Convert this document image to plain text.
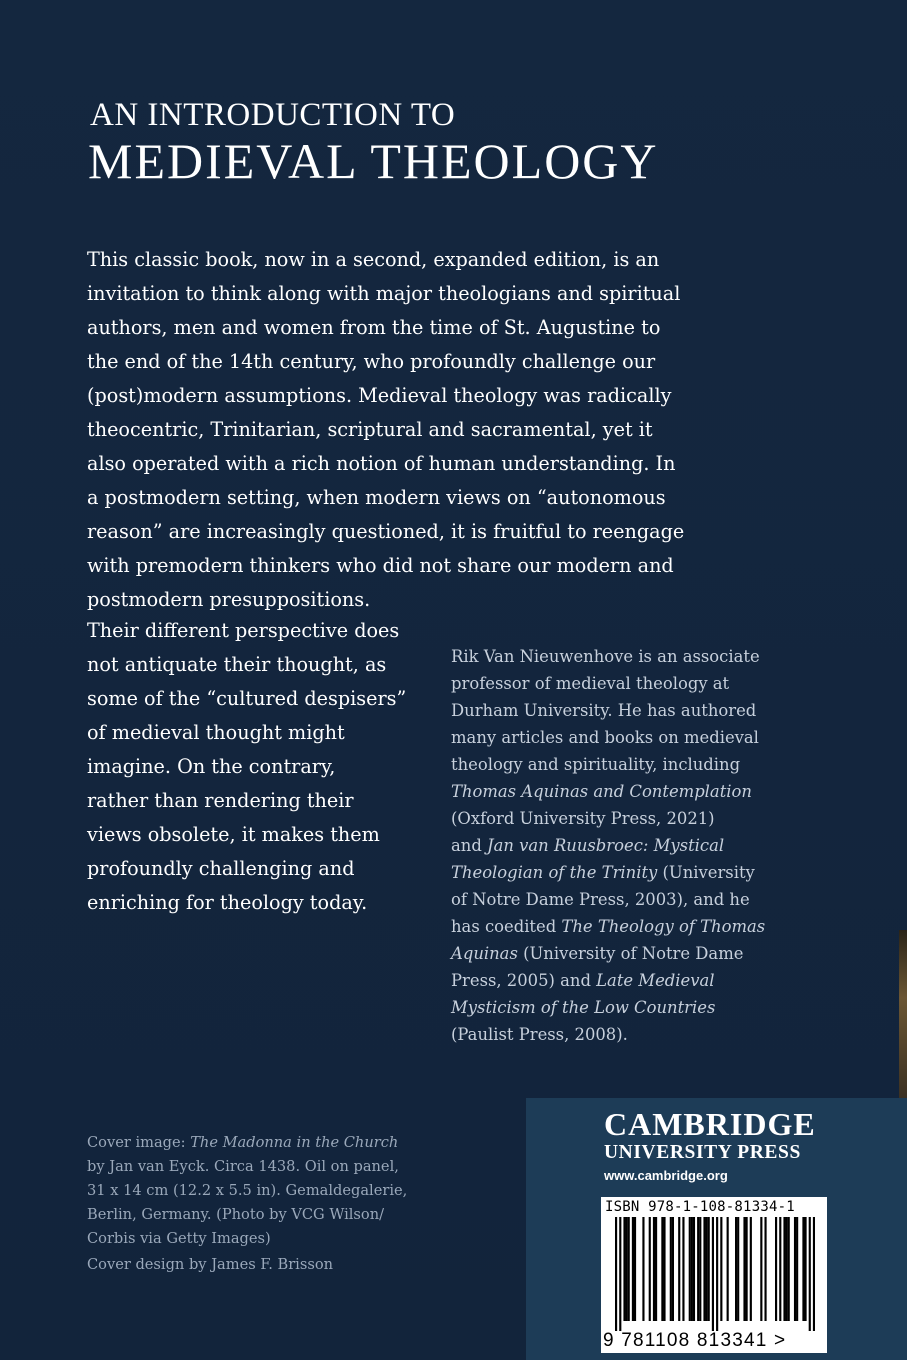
AN INTRODUCTION TO
MEDIEVAL THEOLOGY

This classic book, now in a second, expanded edition, is an

invitation to think along with major theologians and spiritual

authors, men and women from the time of St. Augustine to

the end of the 14th century, who profoundly challenge our

(post)modern assumptions. Medieval theology was radically

theocentric, Trinitarian, scriptural and sacramental, yet it

also operated with a rich notion of human understanding. In

a postmodern setting, when modern views on “autonomous

reason” are increasingly questioned, it is fruitful to reengage

with premodern thinkers who did not share our modern and

postmodern presuppositions.

Their different perspective does

not antiquate their thought, as

some of the “cultured despisers”

of medieval thought might

imagine. On the contrary,

rather than rendering their

views obsolete, it makes them

profoundly challenging and

enriching for theology today.

Rik Van Nieuwenhove is an associate

professor of medieval theology at

Durham University. He has authored

many articles and books on medieval

theology and spirituality, including

Thomas Aquinas and Contemplation

(Oxford University Press, 2021)

and Jan van Ruusbroec: Mystical

Theologian of the Trinity (University

of Notre Dame Press, 2003), and he

has coedited The Theology of Thomas

Aquinas (University of Notre Dame

Press, 2005) and Late Medieval

Mysticism of the Low Countries

(Paulist Press, 2008).

Cover image: The Madonna in the Church

by Jan van Eyck. Circa 1438. Oil on panel,

31 x 14 cm (12.2 x 5.5 in). Gemaldegalerie,

Berlin, Germany. (Photo by VCG Wilson/

Corbis via Getty Images)

Cover design by James F. Brisson
CAMBRIDGE
UNIVERSITY PRESS
www.cambridge.org
ISBN 978-1-108-81334-1
9 781108 813341 >
